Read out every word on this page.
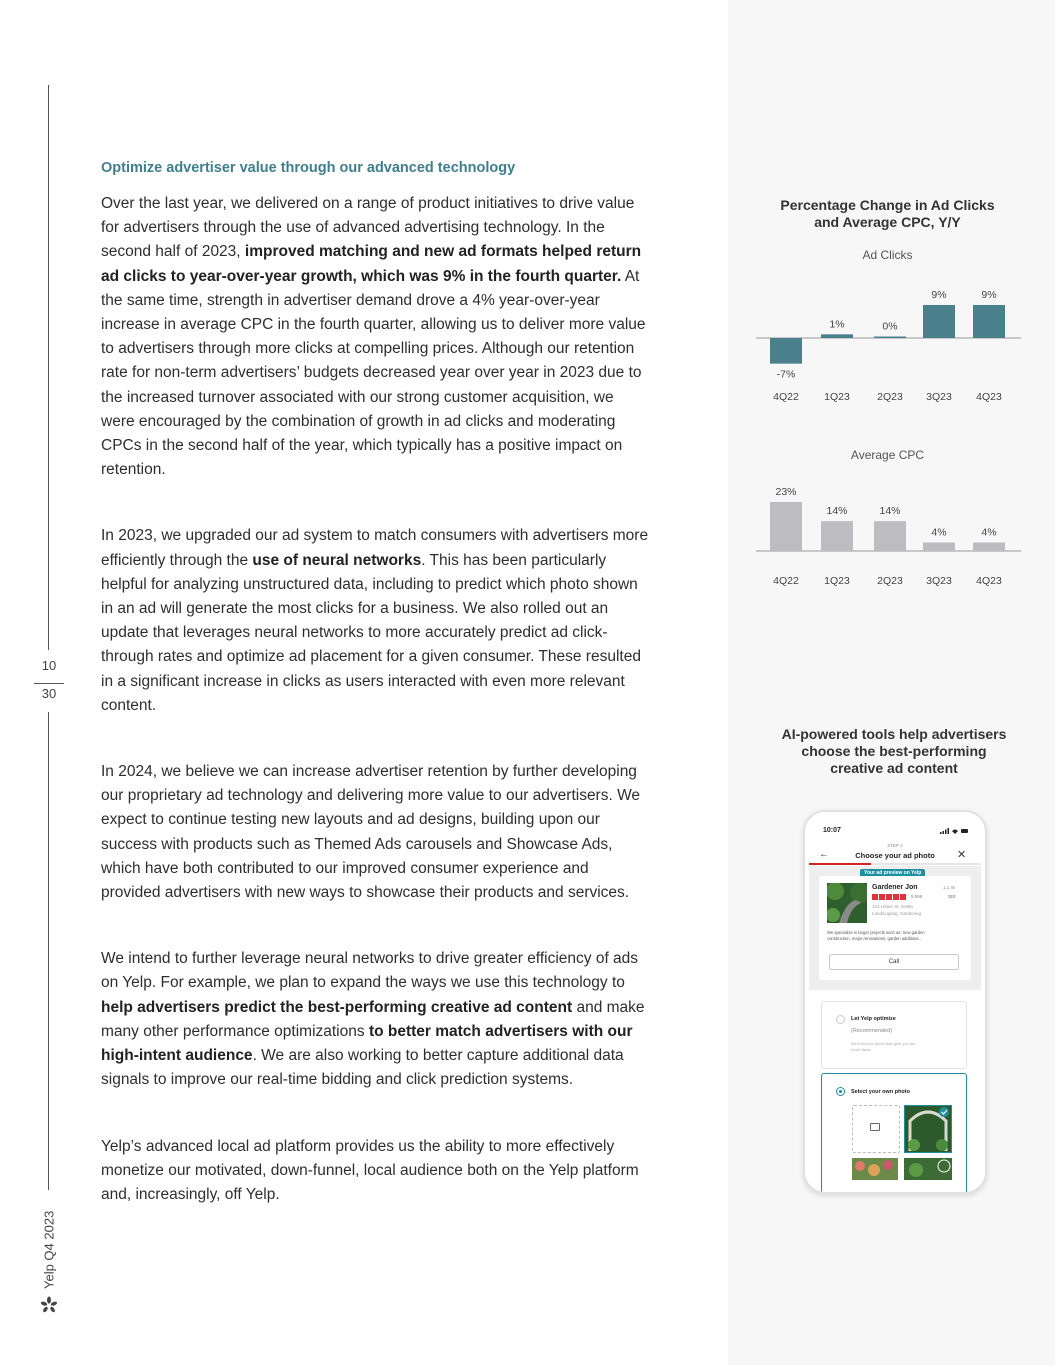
10
30
Yelp Q4 2023
Optimize advertiser value through our advanced technology

Over the last year, we delivered on a range of product initiatives to drive value for advertisers through the use of advanced advertising technology. In the second half of 2023, improved matching and new ad formats helped return ad clicks to year-over-year growth, which was 9% in the fourth quarter. At the same time, strength in advertiser demand drove a 4% year-over-year increase in average CPC in the fourth quarter, allowing us to deliver more value to advertisers through more clicks at compelling prices. Although our retention rate for non-term advertisers’ budgets decreased year over year in 2023 due to the increased turnover associated with our strong customer acquisition, we were encouraged by the combination of growth in ad clicks and moderating CPCs in the second half of the year, which typically has a positive impact on retention.

In 2023, we upgraded our ad system to match consumers with advertisers more efficiently through the use of neural networks. This has been particularly helpful for analyzing unstructured data, including to predict which photo shown in an ad will generate the most clicks for a business. We also rolled out an update that leverages neural networks to more accurately predict ad click-through rates and optimize ad placement for a given consumer. These resulted in a significant increase in clicks as users interacted with even more relevant content.

In 2024, we believe we can increase advertiser retention by further developing our proprietary ad technology and delivering more value to our advertisers. We expect to continue testing new layouts and ad designs, building upon our success with products such as Themed Ads carousels and Showcase Ads, which have both contributed to our improved consumer experience and provided advertisers with new ways to showcase their products and services.

We intend to further leverage neural networks to drive greater efficiency of ads on Yelp. For example, we plan to expand the ways we use this technology to help advertisers predict the best-performing creative ad content and make many other performance optimizations to better match advertisers with our high-intent audience. We are also working to better capture additional data signals to improve our real-time bidding and click prediction systems.

Yelp’s advanced local ad platform provides us the ability to more effectively monetize our motivated, down-funnel, local audience both on the Yelp platform and, increasingly, off Yelp.

Percentage Change in Ad Clicks
and Average CPC, Y/Y
Ad Clicks
Average CPC
-7%
4Q22
1%
1Q23
0%
2Q23
9%
3Q23
9%
4Q23
23%
4Q22
14%
1Q23
14%
2Q23
4%
3Q23
4%
4Q23
AI-powered tools help advertisers
choose the best-performing
creative ad content
10:07
STEP 2
←	Choose your ad photo	✕
Your ad preview on Yelp
Gardener Jon	1.1 mi
9,999	$$$
123 Urban St, SoMa
Landscaping, Gardening
We specialize in larger projects such as: new garden
construction, major renovations, garden additions...
Call
Let Yelp optimize
(Recommended)
We'll find the photo that gets you the
most clicks
Select your own photo
